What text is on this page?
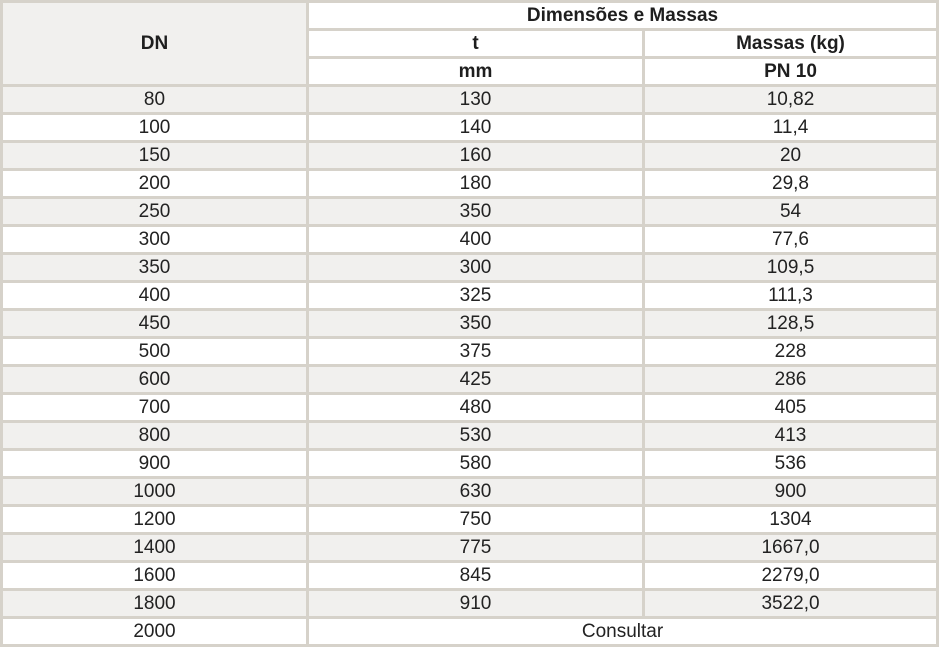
DN	Dimensões e Massas	
	t	Massas (kg)
	mm	PN 10
80	130	10,82
100	140	11,4
150	160	20
200	180	29,8
250	350	54
300	400	77,6
350	300	109,5
400	325	111,3
450	350	128,5
500	375	228
600	425	286
700	480	405
800	530	413
900	580	536
1000	630	900
1200	750	1304
1400	775	1667,0
1600	845	2279,0
1800	910	3522,0
2000	Consultar	
